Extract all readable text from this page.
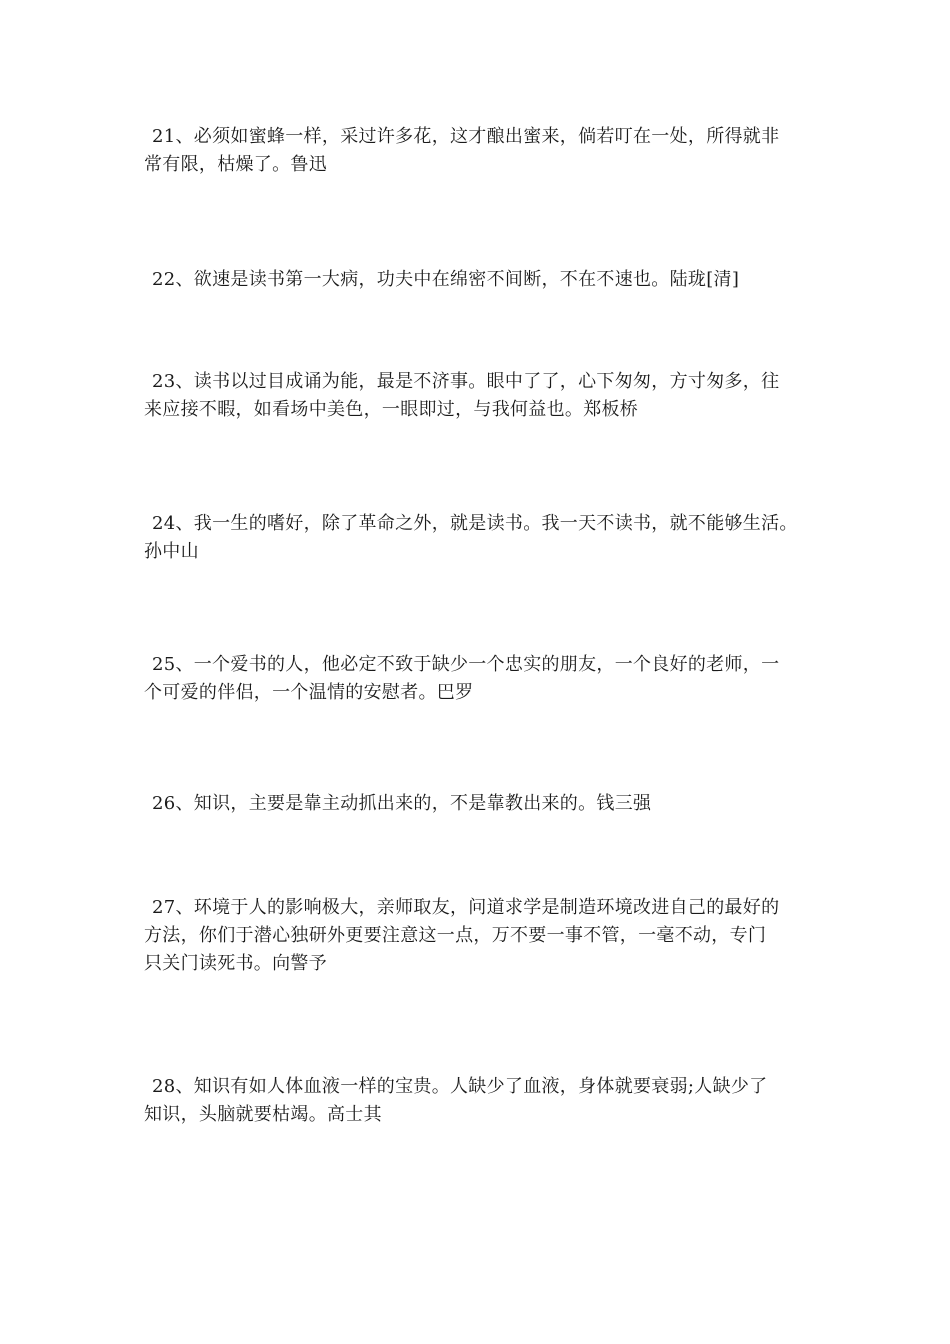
21、必须如蜜蜂一样，采过许多花，这才酿出蜜来，倘若叮在一处，所得就非
常有限，枯燥了。鲁迅
22、欲速是读书第一大病，功夫中在绵密不间断，不在不速也。陆珑[清]
23、读书以过目成诵为能，最是不济事。眼中了了，心下匆匆，方寸匆多，往
来应接不暇，如看场中美色，一眼即过，与我何益也。郑板桥
24、我一生的嗜好，除了革命之外，就是读书。我一天不读书，就不能够生活。
孙中山
25、一个爱书的人，他必定不致于缺少一个忠实的朋友，一个良好的老师，一
个可爱的伴侣，一个温情的安慰者。巴罗
26、知识，主要是靠主动抓出来的，不是靠教出来的。钱三强
27、环境于人的影响极大，亲师取友，问道求学是制造环境改进自己的最好的
方法，你们于潜心独研外更要注意这一点，万不要一事不管，一毫不动，专门
只关门读死书。向警予
28、知识有如人体血液一样的宝贵。人缺少了血液，身体就要衰弱;人缺少了
知识，头脑就要枯竭。高士其
